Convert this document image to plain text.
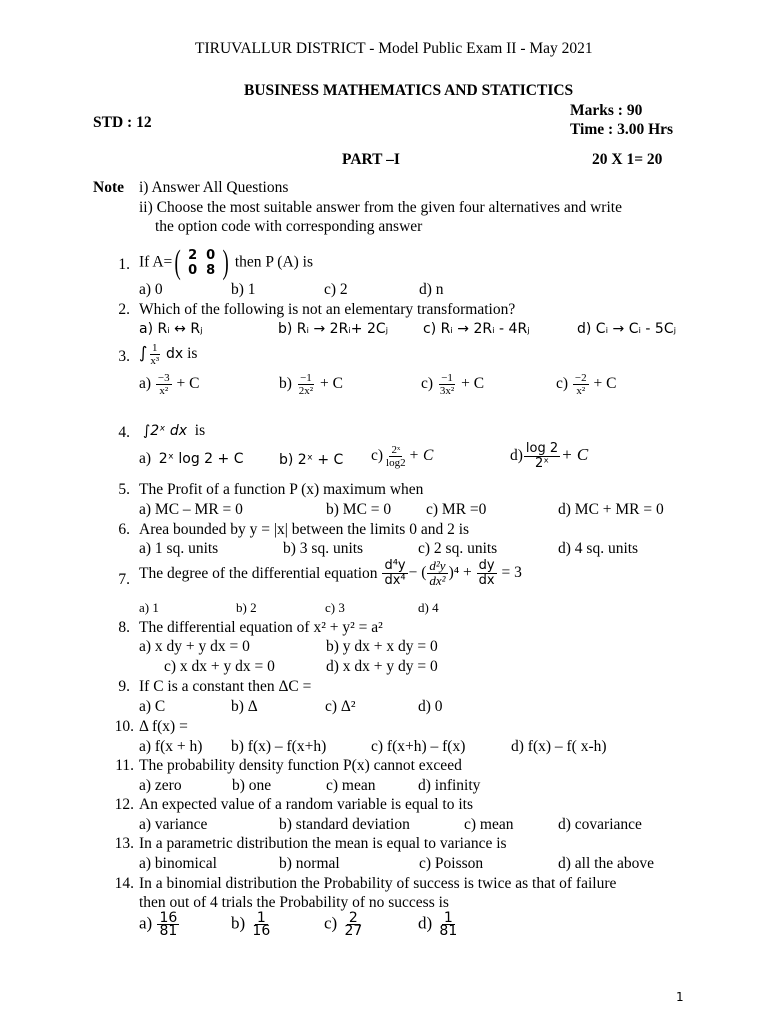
TIRUVALLUR DISTRICT - Model Public Exam II - May 2021
BUSINESS MATHEMATICS AND STATICTICS
Marks : 90
STD : 12	Time : 3.00 Hrs
PART –I	20 X 1= 20
Note i) Answer All Questions
ii) Choose the most suitable answer from the given four alternatives and write
the option code with corresponding answer
1. If A= ( 2 0
0 8 ) then P (A) is
a) 0	b) 1	c) 2	d) n
2. Which of the following is not an elementary transformation?
a) Rᵢ ↔ Rⱼ	b) Rᵢ → 2Rᵢ+ 2Cⱼ c) Rᵢ → 2Rᵢ - 4Rⱼ	d) Cᵢ → Cᵢ - 5Cⱼ
3. ∫ $\frac{1}{\text{x³}}$ dx is
$a) \frac{-3}{\text{x²}} + C$	$b) \frac{-1}{\text{2x²}} + C$	$c) \frac{-1}{\text{3x²}} + C$	$c) \frac{-2}{\text{x²}} + C$
4. ∫2ˣ dx is
a) 2ˣ log 2 + C	b) 2ˣ + C $c) \frac{\text{2ˣ}}{\log 2} + C$	$d) \frac{\log 2}{\text{2ˣ}} + C$
5. The Profit of a function P (x) maximum when
a) MC – MR = 0	b) MC = 0 c) MR =0	d) MC + MR = 0
6. Area bounded by y = |x| between the limits 0 and 2 is
a) 1 sq. units	b) 3 sq. units	c) 2 sq. units	d) 4 sq. units
7. The degree of the differential equation $\frac{\text{d⁴y}}{\text{dx⁴}}$ − ( $\frac{\text{d²y}}{\text{dx²}} )^4 + \frac{dy}{dx} = 3$
a) 1	b) 2	c) 3	d) 4
8. The differential equation of x² + y² = a²
a) x dy + y dx = 0	b) y dx + x dy = 0
c) x dx + y dx = 0	d) x dx + y dy = 0
9. If C is a constant then ΔC =
a) C	b) Δ	c) Δ²	d) 0
10. Δ f(x) =
a) f(x + h) b) f(x) – f(x+h)	c) f(x+h) – f(x)	d) f(x) – f( x-h)
11. The probability density function P(x) cannot exceed
a) zero	b) one	c) mean	d) infinity
12. An expected value of a random variable is equal to its
a) variance	b) standard deviation	c) mean	d) covariance
13. In a parametric distribution the mean is equal to variance is
a) binomical	b) normal	c) Poisson	d) all the above
14. In a binomial distribution the Probability of success is twice as that of failure
then out of 4 trials the Probability of no success is
$a) \frac{16}{81}$	$b) \frac{1}{16}$	$c) \frac{2}{27}$	$d) \frac{1}{81}$
1
